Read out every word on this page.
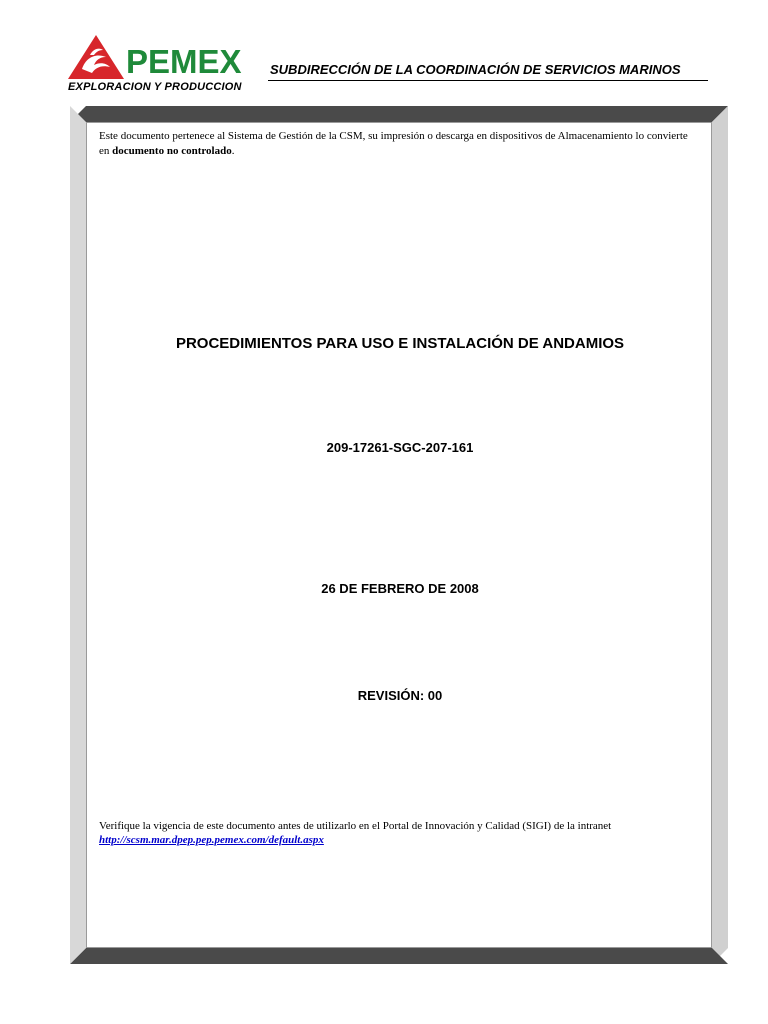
PEMEX
EXPLORACION Y PRODUCCION
SUBDIRECCIÓN DE LA COORDINACIÓN DE SERVICIOS MARINOS
Este documento pertenece al Sistema de Gestión de la CSM, su impresión o descarga en dispositivos de Almacenamiento lo convierte en documento no controlado.
PROCEDIMIENTOS PARA USO E INSTALACIÓN DE ANDAMIOS
209-17261-SGC-207-161
26 DE FEBRERO DE 2008
REVISIÓN: 00
Verifique la vigencia de este documento antes de utilizarlo en el Portal de Innovación y Calidad (SIGI) de la intranet
http://scsm.mar.dpep.pep.pemex.com/default.aspx
